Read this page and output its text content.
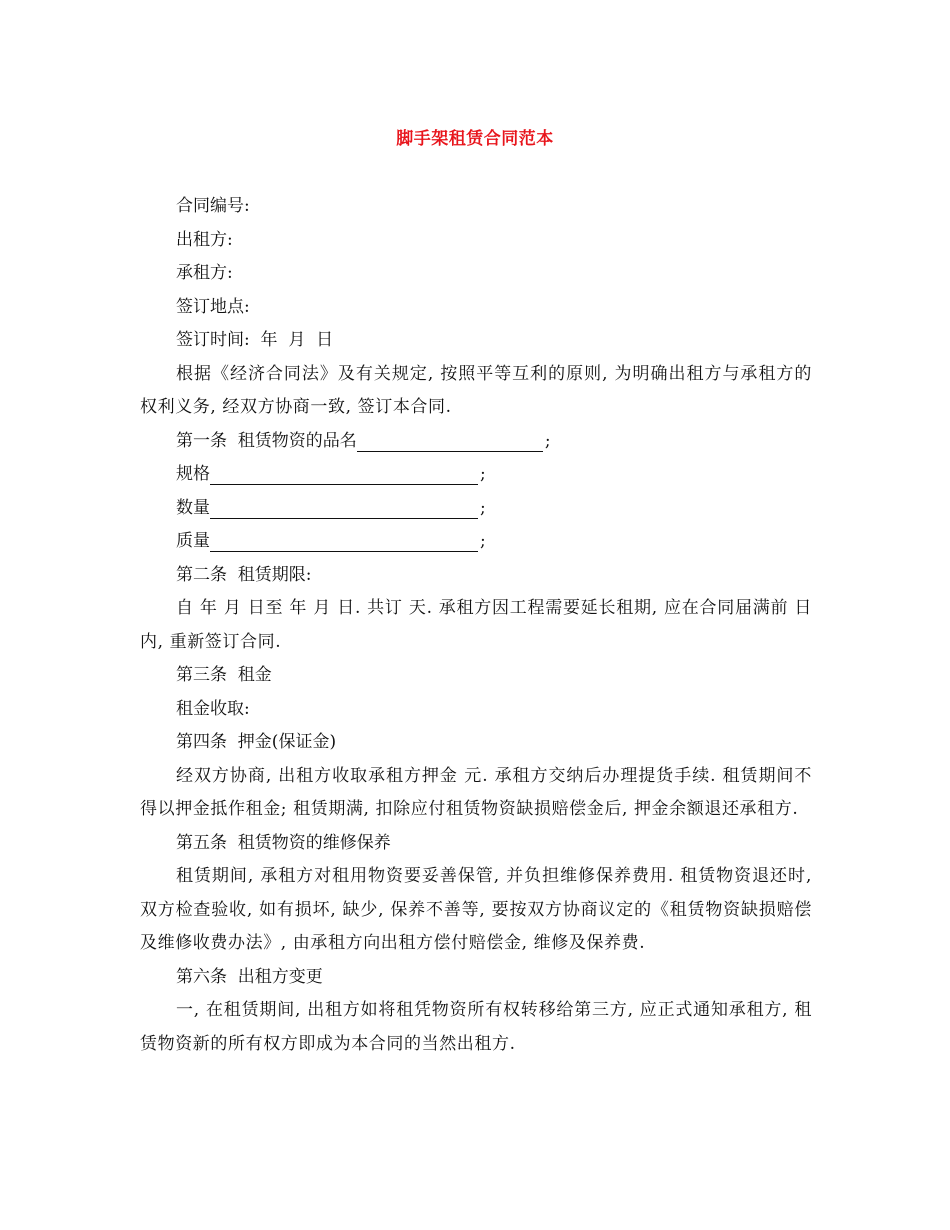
脚手架租赁合同范本
合同编号:
出租方:
承租方:
签订地点:
签订时间:  年  月  日
根据《经济合同法》及有关规定, 按照平等互利的原则, 为明确出租方与承租方的权利义务, 经双方协商一致, 签订本合同.
第一条  租赁物资的品名	;
规格	;
数量	;
质量	;
第二条  租赁期限:
自 年 月 日至 年 月 日. 共订 天. 承租方因工程需要延长租期, 应在合同届满前 日内, 重新签订合同.
第三条  租金
租金收取:
第四条  押金(保证金)
经双方协商, 出租方收取承租方押金 元. 承租方交纳后办理提货手续. 租赁期间不得以押金抵作租金; 租赁期满, 扣除应付租赁物资缺损赔偿金后, 押金余额退还承租方.
第五条  租赁物资的维修保养
租赁期间, 承租方对租用物资要妥善保管, 并负担维修保养费用. 租赁物资退还时, 双方检查验收, 如有损坏, 缺少, 保养不善等, 要按双方协商议定的《租赁物资缺损赔偿及维修收费办法》, 由承租方向出租方偿付赔偿金, 维修及保养费.
第六条  出租方变更
一, 在租赁期间, 出租方如将租凭物资所有权转移给第三方, 应正式通知承租方, 租赁物资新的所有权方即成为本合同的当然出租方.
